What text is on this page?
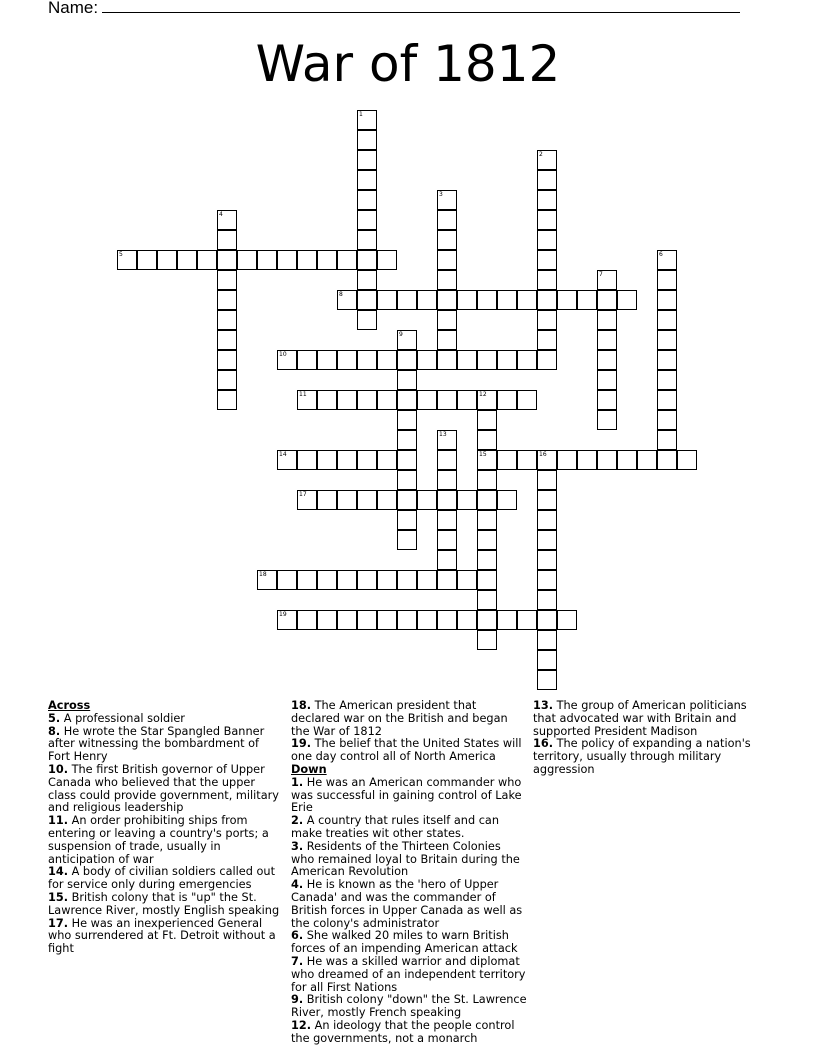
Name:
War of 1812
1
2
3
4
5	6
7
8
9
10
11	12
15
13
14	16
17
18
19
Across
5. A professional soldier
8. He wrote the Star Spangled Banner after witnessing the bombardment of Fort Henry
10. The first British governor of Upper Canada who believed that the upper class could provide government, military and religious leadership
11. An order prohibiting ships from entering or leaving a country's ports; a suspension of trade, usually in anticipation of war
14. A body of civilian soldiers called out for service only during emergencies
15. British colony that is "up" the St. Lawrence River, mostly English speaking
17. He was an inexperienced General who surrendered at Ft. Detroit without a fight
18. The American president that declared war on the British and began the War of 1812
19. The belief that the United States will one day control all of North America
Down
1. He was an American commander who was successful in gaining control of Lake Erie
2. A country that rules itself and can make treaties wit other states.
3. Residents of the Thirteen Colonies who remained loyal to Britain during the American Revolution
4. He is known as the 'hero of Upper Canada' and was the commander of British forces in Upper Canada as well as the colony's administrator
6. She walked 20 miles to warn British forces of an impending American attack
7. He was a skilled warrior and diplomat who dreamed of an independent territory for all First Nations
9. British colony "down" the St. Lawrence River, mostly French speaking
12. An ideology that the people control the governments, not a monarch
13. The group of American politicians that advocated war with Britain and supported President Madison
16. The policy of expanding a nation's territory, usually through military aggression
